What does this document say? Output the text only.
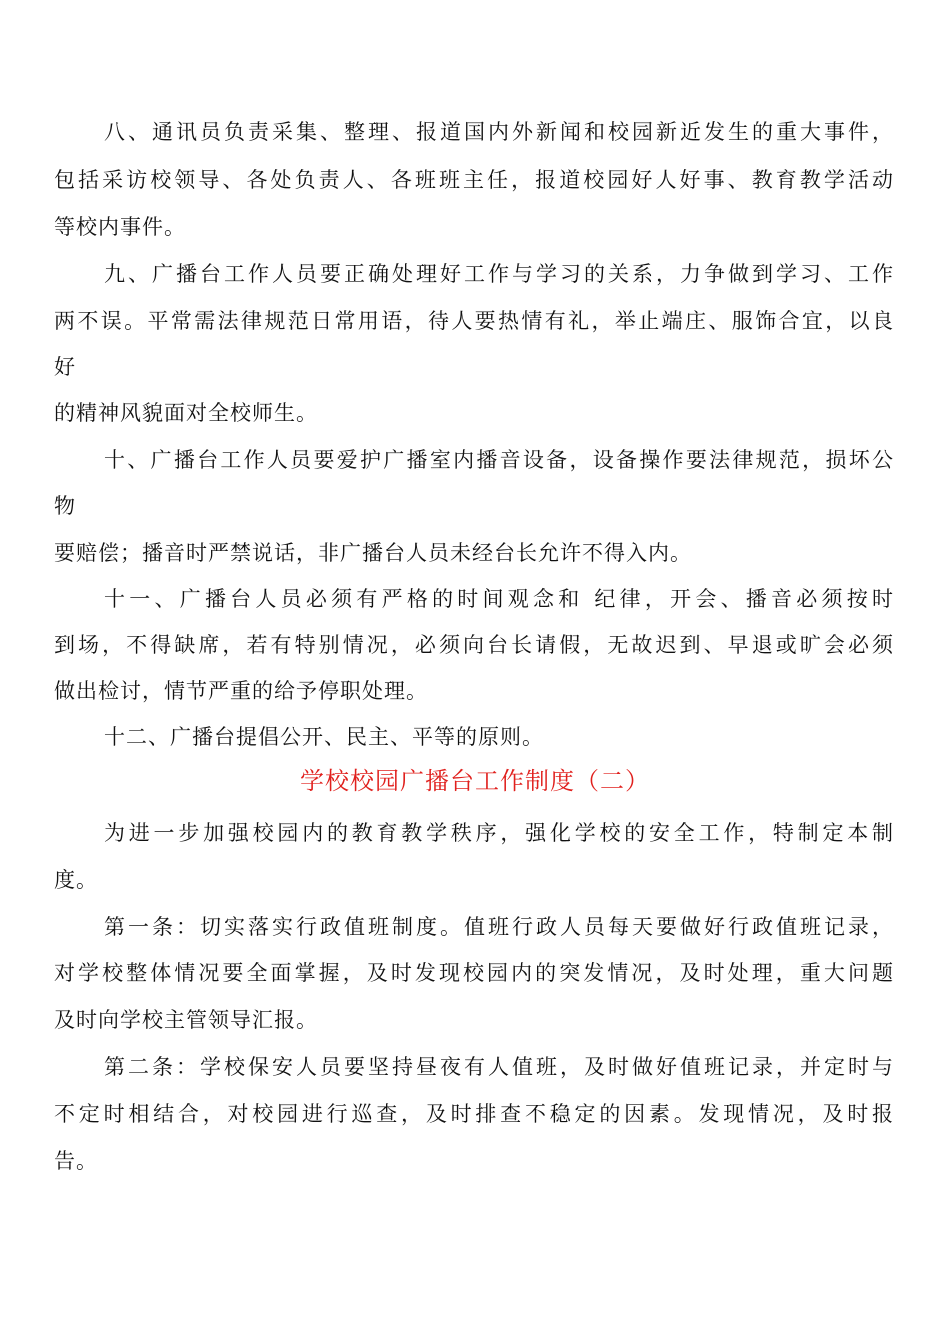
八、通讯员负责采集、整理、报道国内外新闻和校园新近发生的重大事件，
包括采访校领导、各处负责人、各班班主任，报道校园好人好事、教育教学活动
等校内事件。
九、广播台工作人员要正确处理好工作与学习的关系，力争做到学习、工作
两不误。平常需法律规范日常用语，待人要热情有礼，举止端庄、服饰合宜，以良
好
的精神风貌面对全校师生。
十、广播台工作人员要爱护广播室内播音设备，设备操作要法律规范，损坏公
物
要赔偿；播音时严禁说话，非广播台人员未经台长允许不得入内。
十一、广播台人员必须有严格的时间观念和 纪律，开会、播音必须按时
到场，不得缺席，若有特别情况，必须向台长请假，无故迟到、早退或旷会必须
做出检讨，情节严重的给予停职处理。
十二、广播台提倡公开、民主、平等的原则。
学校校园广播台工作制度（二）
为进一步加强校园内的教育教学秩序，强化学校的安全工作，特制定本制
度。
第一条：切实落实行政值班制度。值班行政人员每天要做好行政值班记录，
对学校整体情况要全面掌握，及时发现校园内的突发情况，及时处理，重大问题
及时向学校主管领导汇报。
第二条：学校保安人员要坚持昼夜有人值班，及时做好值班记录，并定时与
不定时相结合，对校园进行巡查，及时排查不稳定的因素。发现情况，及时报
告。
